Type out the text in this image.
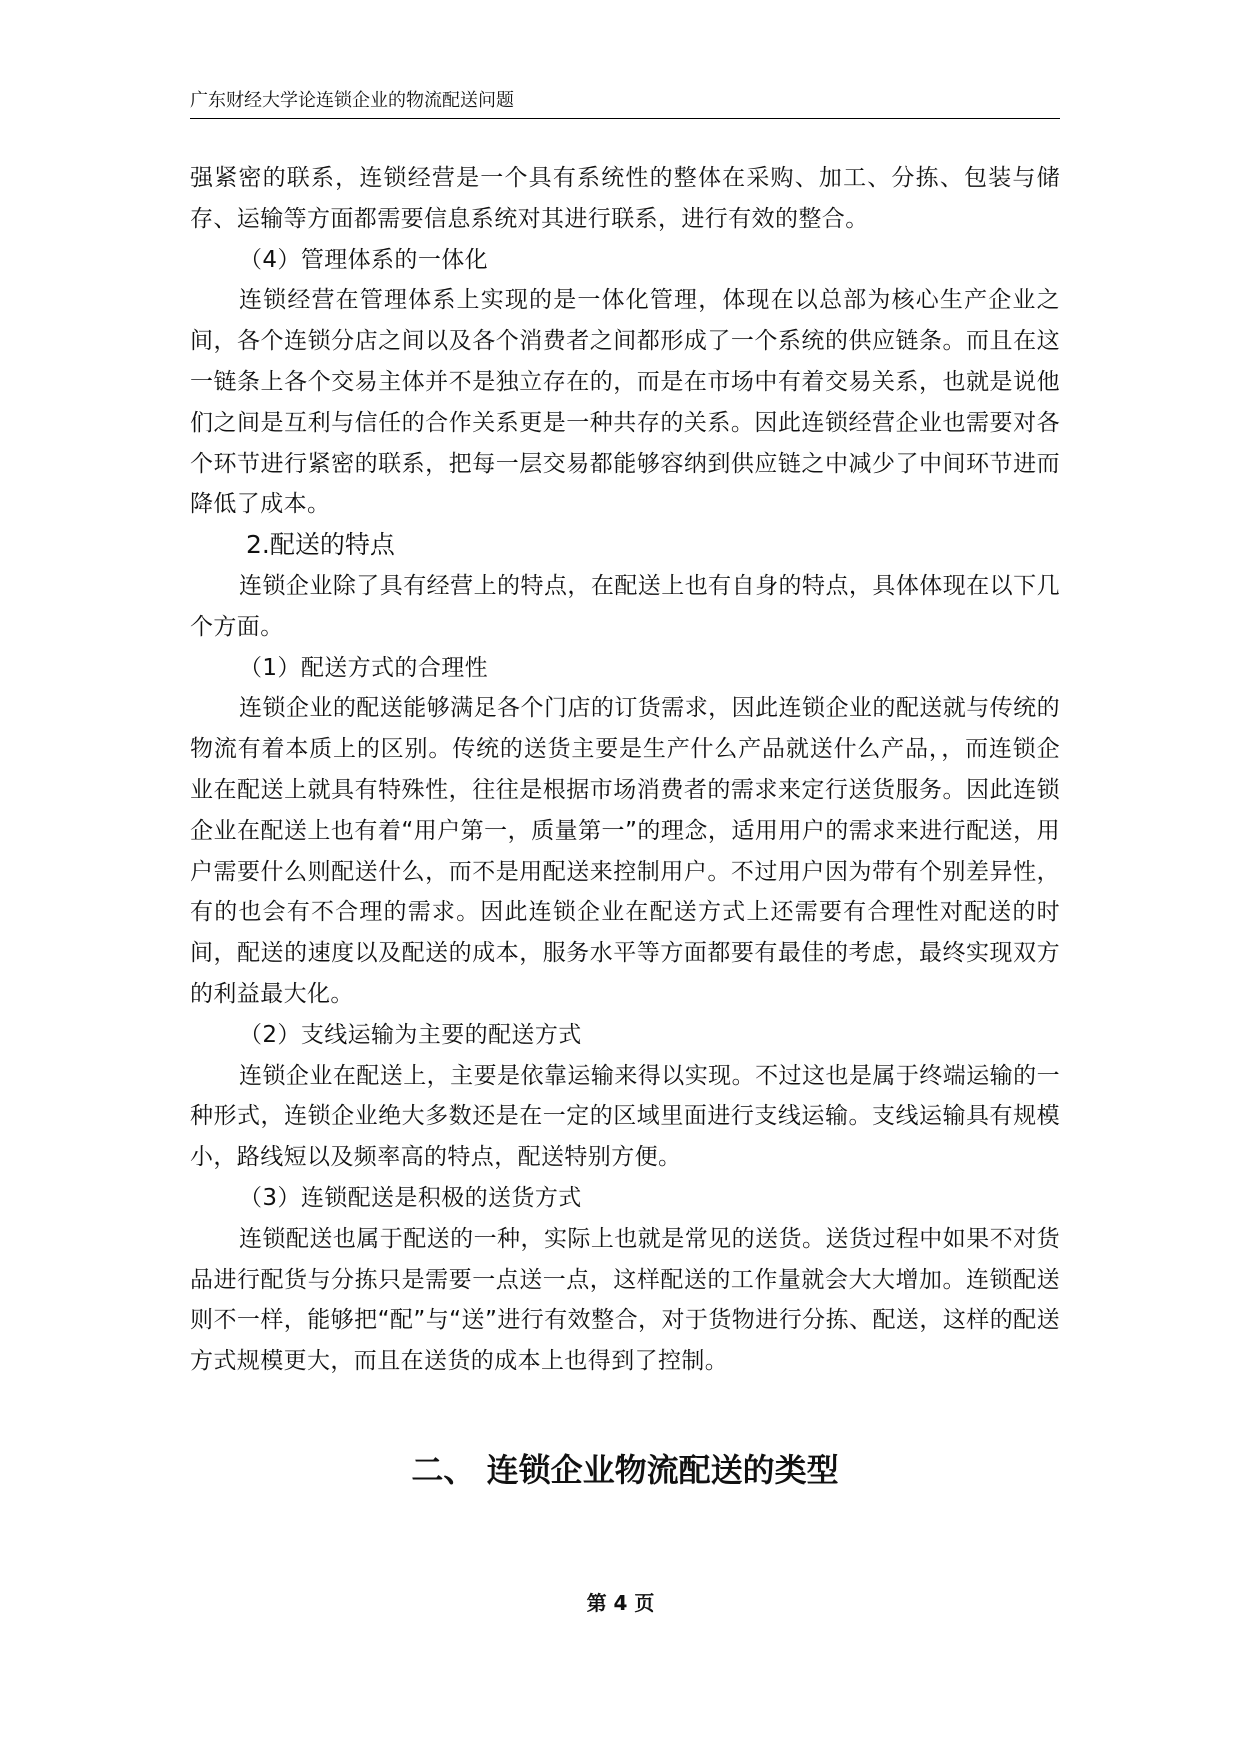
广东财经大学论连锁企业的物流配送问题

强紧密的联系，连锁经营是一个具有系统性的整体在采购、加工、分拣、包装与储存、运输等方面都需要信息系统对其进行联系，进行有效的整合。

（4）管理体系的一体化

连锁经营在管理体系上实现的是一体化管理，体现在以总部为核心生产企业之间，各个连锁分店之间以及各个消费者之间都形成了一个系统的供应链条。而且在这一链条上各个交易主体并不是独立存在的，而是在市场中有着交易关系，也就是说他们之间是互利与信任的合作关系更是一种共存的关系。因此连锁经营企业也需要对各个环节进行紧密的联系，把每一层交易都能够容纳到供应链之中减少了中间环节进而降低了成本。

2.配送的特点

连锁企业除了具有经营上的特点，在配送上也有自身的特点，具体体现在以下几个方面。

（1）配送方式的合理性

连锁企业的配送能够满足各个门店的订货需求，因此连锁企业的配送就与传统的物流有着本质上的区别。传统的送货主要是生产什么产品就送什么产品，，而连锁企业在配送上就具有特殊性，往往是根据市场消费者的需求来定行送货服务。因此连锁企业在配送上也有着“用户第一，质量第一”的理念，适用用户的需求来进行配送，用户需要什么则配送什么，而不是用配送来控制用户。不过用户因为带有个别差异性，有的也会有不合理的需求。因此连锁企业在配送方式上还需要有合理性对配送的时间，配送的速度以及配送的成本，服务水平等方面都要有最佳的考虑，最终实现双方的利益最大化。

（2）支线运输为主要的配送方式

连锁企业在配送上，主要是依靠运输来得以实现。不过这也是属于终端运输的一种形式，连锁企业绝大多数还是在一定的区域里面进行支线运输。支线运输具有规模小，路线短以及频率高的特点，配送特别方便。

（3）连锁配送是积极的送货方式

连锁配送也属于配送的一种，实际上也就是常见的送货。送货过程中如果不对货品进行配货与分拣只是需要一点送一点，这样配送的工作量就会大大增加。连锁配送则不一样，能够把“配”与“送”进行有效整合，对于货物进行分拣、配送，这样的配送方式规模更大，而且在送货的成本上也得到了控制。

二、 连锁企业物流配送的类型
第 4 页
